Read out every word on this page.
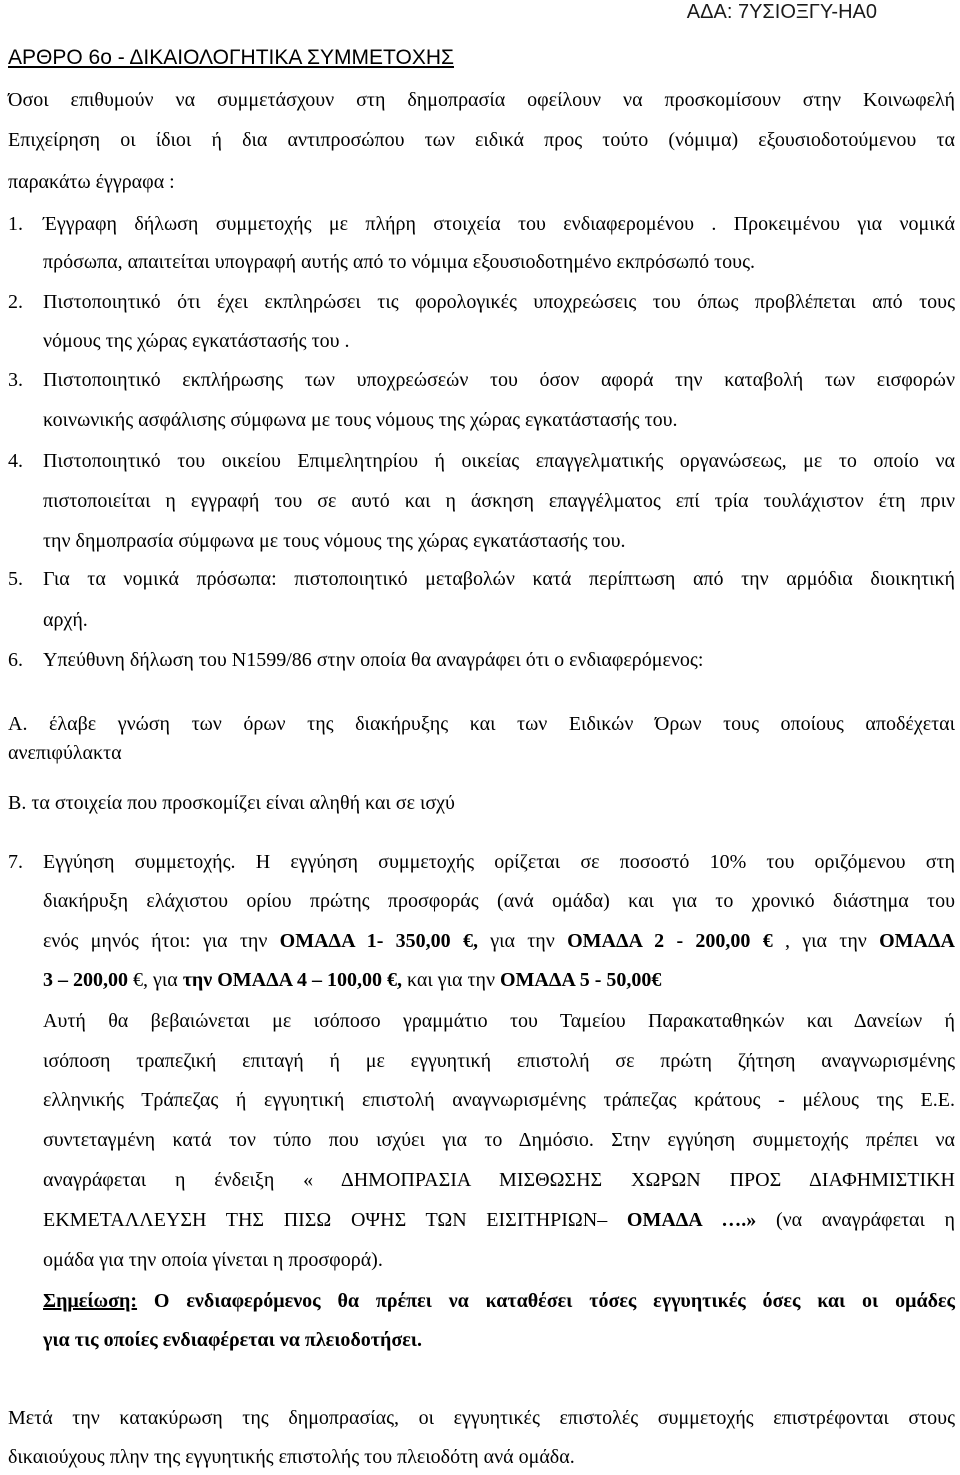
ΑΔΑ: 7ΥΣΙΟΞΓΥ-ΗΑ0
ΑΡΘΡΟ 6ο - ΔΙΚΑΙΟΛΟΓΗΤΙΚΑ ΣΥΜΜΕΤΟΧΗΣ
Όσοι επιθυμούν να συμμετάσχουν στη δημοπρασία οφείλουν να προσκομίσουν στην Κοινωφελή
Επιχείρηση οι ίδιοι ή δια αντιπροσώπου των ειδικά προς τούτο (νόμιμα) εξουσιοδοτούμενου τα
παρακάτω έγγραφα :
1. Έγγραφη δήλωση συμμετοχής με πλήρη στοιχεία του ενδιαφερομένου . Προκειμένου για νομικά
πρόσωπα, απαιτείται υπογραφή αυτής από το νόμιμα εξουσιοδοτημένο εκπρόσωπό τους.
2. Πιστοποιητικό ότι έχει εκπληρώσει τις φορολογικές υποχρεώσεις του όπως προβλέπεται από τους
νόμους της χώρας εγκατάστασής του .
3. Πιστοποιητικό εκπλήρωσης των υποχρεώσεών του όσον αφορά την καταβολή των εισφορών
κοινωνικής ασφάλισης σύμφωνα με τους νόμους της χώρας εγκατάστασής του.
4. Πιστοποιητικό του οικείου Επιμελητηρίου ή οικείας επαγγελματικής οργανώσεως, με το οποίο να
πιστοποιείται η εγγραφή του σε αυτό και η άσκηση επαγγέλματος επί τρία τουλάχιστον έτη πριν
την δημοπρασία σύμφωνα με τους νόμους της χώρας εγκατάστασής του.
5. Για τα νομικά πρόσωπα: πιστοποιητικό μεταβολών κατά περίπτωση από την αρμόδια διοικητική
αρχή.
6. Υπεύθυνη δήλωση του Ν1599/86 στην οποία θα αναγράφει ότι ο ενδιαφερόμενος:
Α. έλαβε γνώση των όρων της διακήρυξης και των Ειδικών Όρων τους οποίους αποδέχεται
ανεπιφύλακτα
Β. τα στοιχεία που προσκομίζει είναι αληθή και σε ισχύ
7. Εγγύηση συμμετοχής. Η εγγύηση συμμετοχής ορίζεται σε ποσοστό 10% του οριζόμενου στη
διακήρυξη ελάχιστου ορίου πρώτης προσφοράς (ανά ομάδα) και για το χρονικό διάστημα του
ενός μηνός ήτοι: για την ΟΜΑΔΑ 1- 350,00 €, για την ΟΜΑΔΑ 2 - 200,00 € , για την ΟΜΑΔΑ
3 – 200,00 €, για την ΟΜΑΔΑ 4 – 100,00 €, και για την ΟΜΑΔΑ 5 - 50,00€
Αυτή θα βεβαιώνεται με ισόποσο γραμμάτιο του Ταμείου Παρακαταθηκών και Δανείων ή
ισόποση τραπεζική επιταγή ή με εγγυητική επιστολή σε πρώτη ζήτηση αναγνωρισμένης
ελληνικής Τράπεζας ή εγγυητική επιστολή αναγνωρισμένης τράπεζας κράτους - μέλους της Ε.Ε.
συντεταγμένη κατά τον τύπο που ισχύει για το Δημόσιο. Στην εγγύηση συμμετοχής πρέπει να
αναγράφεται η ένδειξη « ΔΗΜΟΠΡΑΣΙΑ ΜΙΣΘΩΣΗΣ ΧΩΡΩΝ ΠΡΟΣ ΔΙΑΦΗΜΙΣΤΙΚΗ
ΕΚΜΕΤΑΛΛΕΥΣΗ ΤΗΣ ΠΙΣΩ ΟΨΗΣ ΤΩΝ ΕΙΣΙΤΗΡΙΩΝ– ΟΜΑΔΑ ….» (να αναγράφεται η
ομάδα για την οποία γίνεται η προσφορά).
Σημείωση: Ο ενδιαφερόμενος θα πρέπει να καταθέσει τόσες εγγυητικές όσες και οι ομάδες
για τις οποίες ενδιαφέρεται να πλειοδοτήσει.
Μετά την κατακύρωση της δημοπρασίας, οι εγγυητικές επιστολές συμμετοχής επιστρέφονται στους
δικαιούχους πλην της εγγυητικής επιστολής του πλειοδότη ανά ομάδα.
